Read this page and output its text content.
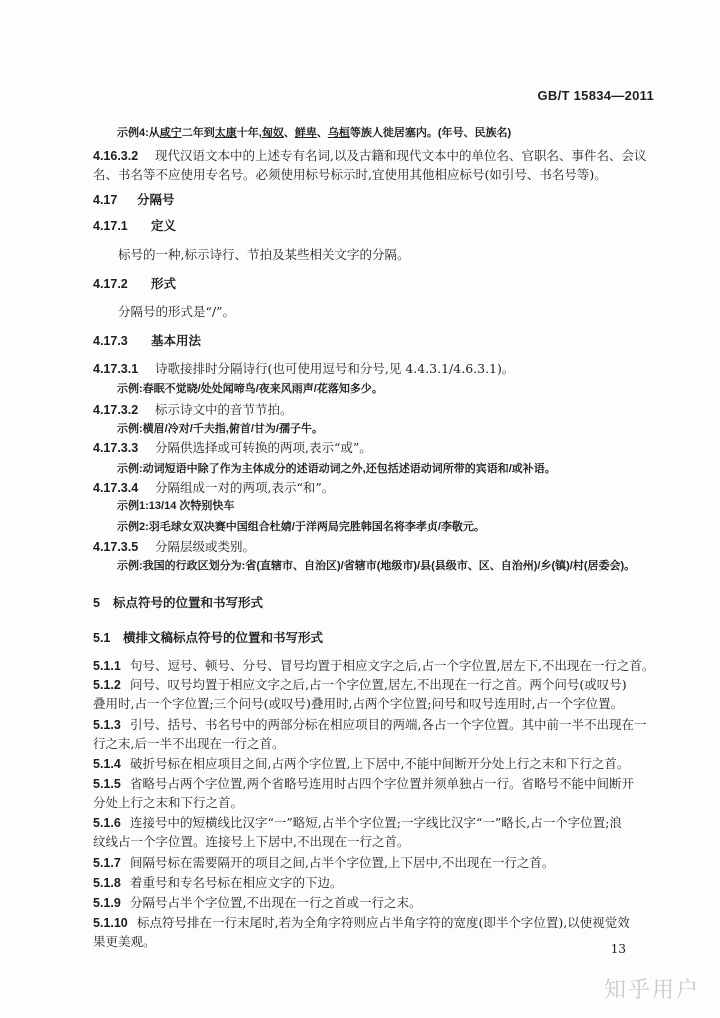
GB/T 15834—2011
示例4:从咸宁二年到太康十年,匈奴、鲜卑、乌桓等族人徙居塞内。(年号、民族名)
4.16.3.2 现代汉语文本中的上述专有名词,以及古籍和现代文本中的单位名、官职名、事件名、会议
名、书名等不应使用专名号。必须使用标号标示时,宜使用其他相应标号(如引号、书名号等)。
4.17 分隔号
4.17.1 定义
标号的一种,标示诗行、节拍及某些相关文字的分隔。
4.17.2 形式
分隔号的形式是“/”。
4.17.3 基本用法
4.17.3.1 诗歌接排时分隔诗行(也可使用逗号和分号,见 4.4.3.1/4.6.3.1)。
示例:春眠不觉晓/处处闻啼鸟/夜来风雨声/花落知多少。
4.17.3.2 标示诗文中的音节节拍。
示例:横眉/冷对/千夫指,俯首/甘为/孺子牛。
4.17.3.3 分隔供选择或可转换的两项,表示“或”。
示例:动词短语中除了作为主体成分的述语动词之外,还包括述语动词所带的宾语和/或补语。
4.17.3.4 分隔组成一对的两项,表示“和”。
示例1:13/14 次特别快车
示例2:羽毛球女双决赛中国组合杜婧/于洋两局完胜韩国名将李孝贞/李敬元。
4.17.3.5 分隔层级或类别。
示例:我国的行政区划分为:省(直辖市、自治区)/省辖市(地级市)/县(县级市、区、自治州)/乡(镇)/村(居委会)。
5 标点符号的位置和书写形式
5.1 横排文稿标点符号的位置和书写形式
5.1.1 句号、逗号、顿号、分号、冒号均置于相应文字之后,占一个字位置,居左下,不出现在一行之首。
5.1.2 问号、叹号均置于相应文字之后,占一个字位置,居左,不出现在一行之首。两个问号(或叹号)
叠用时,占一个字位置;三个问号(或叹号)叠用时,占两个字位置;问号和叹号连用时,占一个字位置。
5.1.3 引号、括号、书名号中的两部分标在相应项目的两端,各占一个字位置。其中前一半不出现在一
行之末,后一半不出现在一行之首。
5.1.4 破折号标在相应项目之间,占两个字位置,上下居中,不能中间断开分处上行之末和下行之首。
5.1.5 省略号占两个字位置,两个省略号连用时占四个字位置并须单独占一行。省略号不能中间断开
分处上行之末和下行之首。
5.1.6 连接号中的短横线比汉字“一”略短,占半个字位置;一字线比汉字“一”略长,占一个字位置;浪
纹线占一个字位置。连接号上下居中,不出现在一行之首。
5.1.7 间隔号标在需要隔开的项目之间,占半个字位置,上下居中,不出现在一行之首。
5.1.8 着重号和专名号标在相应文字的下边。
5.1.9 分隔号占半个字位置,不出现在一行之首或一行之末。
5.1.10 标点符号排在一行末尾时,若为全角字符则应占半角字符的宽度(即半个字位置),以使视觉效
果更美观。	13
知乎用户
